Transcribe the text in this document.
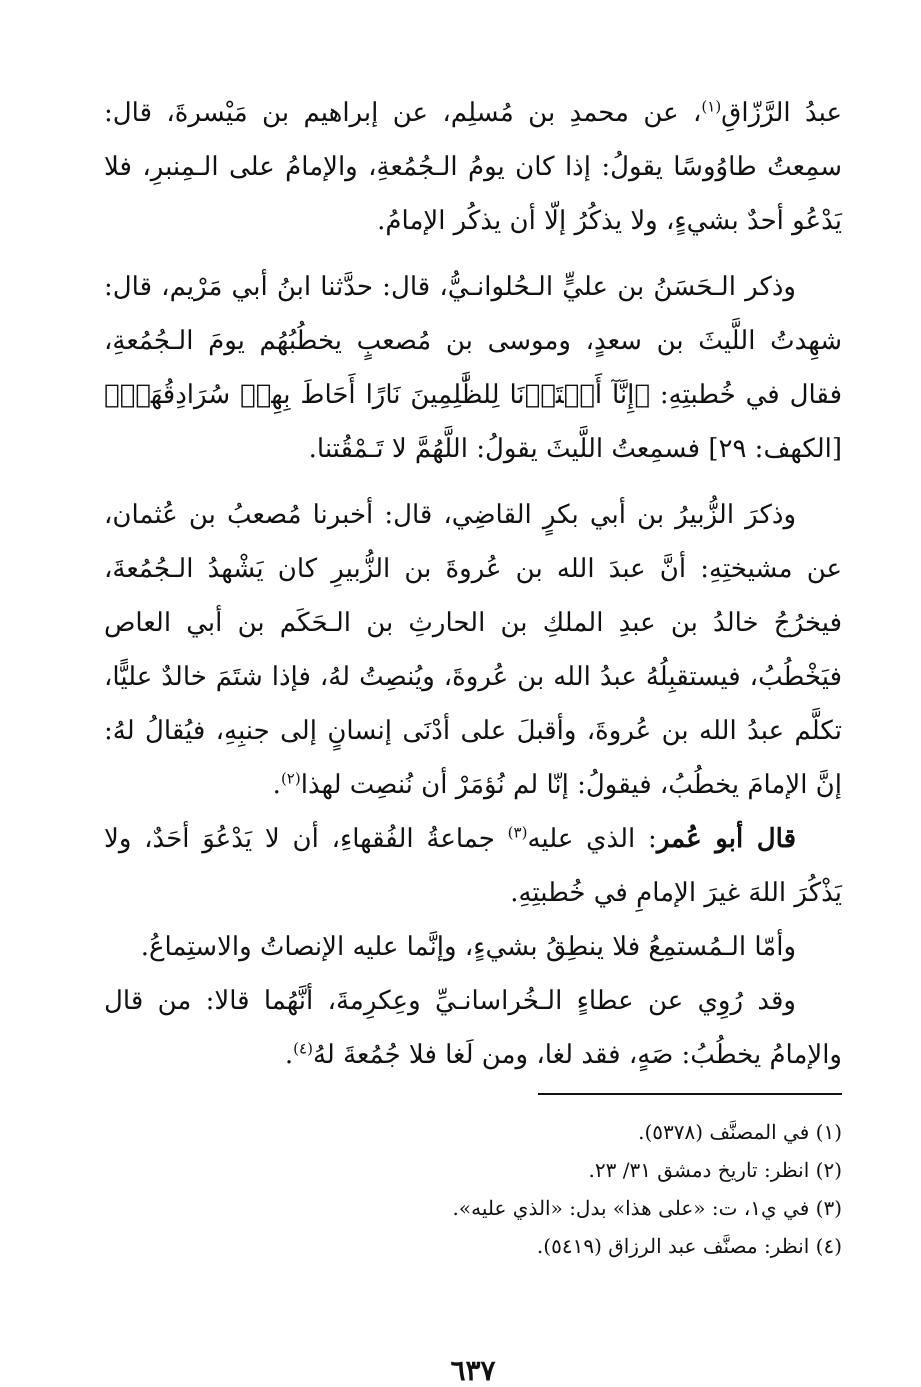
عبدُ الرَّزّاقِ$^{(١)}$، عن محمدِ بن مُسلِم، عن إبراهيم بن مَيْسرةَ، قال: سمِعتُ طاوُوسًا يقولُ: إذا كان يومُ الـجُمُعةِ، والإمامُ على الـمِنبرِ، فلا يَدْعُو أحدٌ بشيءٍ، ولا يذكُرُ إلّا أن يذكُر الإمامُ.

وذكر الـحَسَنُ بن عليٍّ الـحُلوانـيُّ، قال: حدَّثنا ابنُ أبي مَرْيم، قال: شهِدتُ اللَّيثَ بن سعدٍ، وموسى بن مُصعبٍ يخطُبُهُم يومَ الـجُمُعةِ، فقال في خُطبتِهِ: ﴿إِنَّآ أَعۡتَدۡنَا لِلظَّٰلِمِينَ نَارًا أَحَاطَ بِهِمۡ سُرَادِقُهَاۚ﴾ [الكهف: ٢٩] فسمِعتُ اللَّيثَ يقولُ: اللَّهُمَّ لا تَـمْقُتنا.

وذكرَ الزُّبيرُ بن أبي بكرٍ القاضِي، قال: أخبرنا مُصعبُ بن عُثمان، عن مشيختِهِ: أنَّ عبدَ الله بن عُروةَ بن الزُّبيرِ كان يَشْهدُ الـجُمُعةَ، فيخرُجُ خالدُ بن عبدِ الملكِ بن الحارثِ بن الـحَكَم بن أبي العاص فيَخْطُبُ، فيستقبِلُهُ عبدُ الله بن عُروةَ، ويُنصِتُ لهُ، فإذا شتَمَ خالدٌ عليًّا، تكلَّم عبدُ الله بن عُروةَ، وأقبلَ على أدْنَى إنسانٍ إلى جنبِهِ، فيُقالُ لهُ: إنَّ الإمامَ يخطُبُ، فيقولُ: إنّا لم نُؤمَرْ أن نُنصِت لهذا$^{(٢)}$.

قال أبو عُمر: الذي عليه$^{(٣)}$ جماعةُ الفُقهاءِ، أن لا يَدْعُوَ أحَدٌ، ولا يَذْكُرَ اللهَ غيرَ الإمامِ في خُطبتِهِ.

وأمّا الـمُستمِعُ فلا ينطِقُ بشيءٍ، وإنَّما عليه الإنصاتُ والاستِماعُ.

وقد رُوِي عن عطاءٍ الـخُراسانـيِّ وعِكرِمةَ، أنَّهُما قالا: من قال والإمامُ يخطُبُ: صَهٍ، فقد لغا، ومن لَغا فلا جُمُعةَ لهُ$^{(٤)}$.

(١) في المصنَّف (٥٣٧٨).

(٢) انظر: تاريخ دمشق ٣١/ ٢٣.

(٣) في ي١، ت: «على هذا» بدل: «الذي عليه».

(٤) انظر: مصنَّف عبد الرزاق (٥٤١٩).

٦٣٧
